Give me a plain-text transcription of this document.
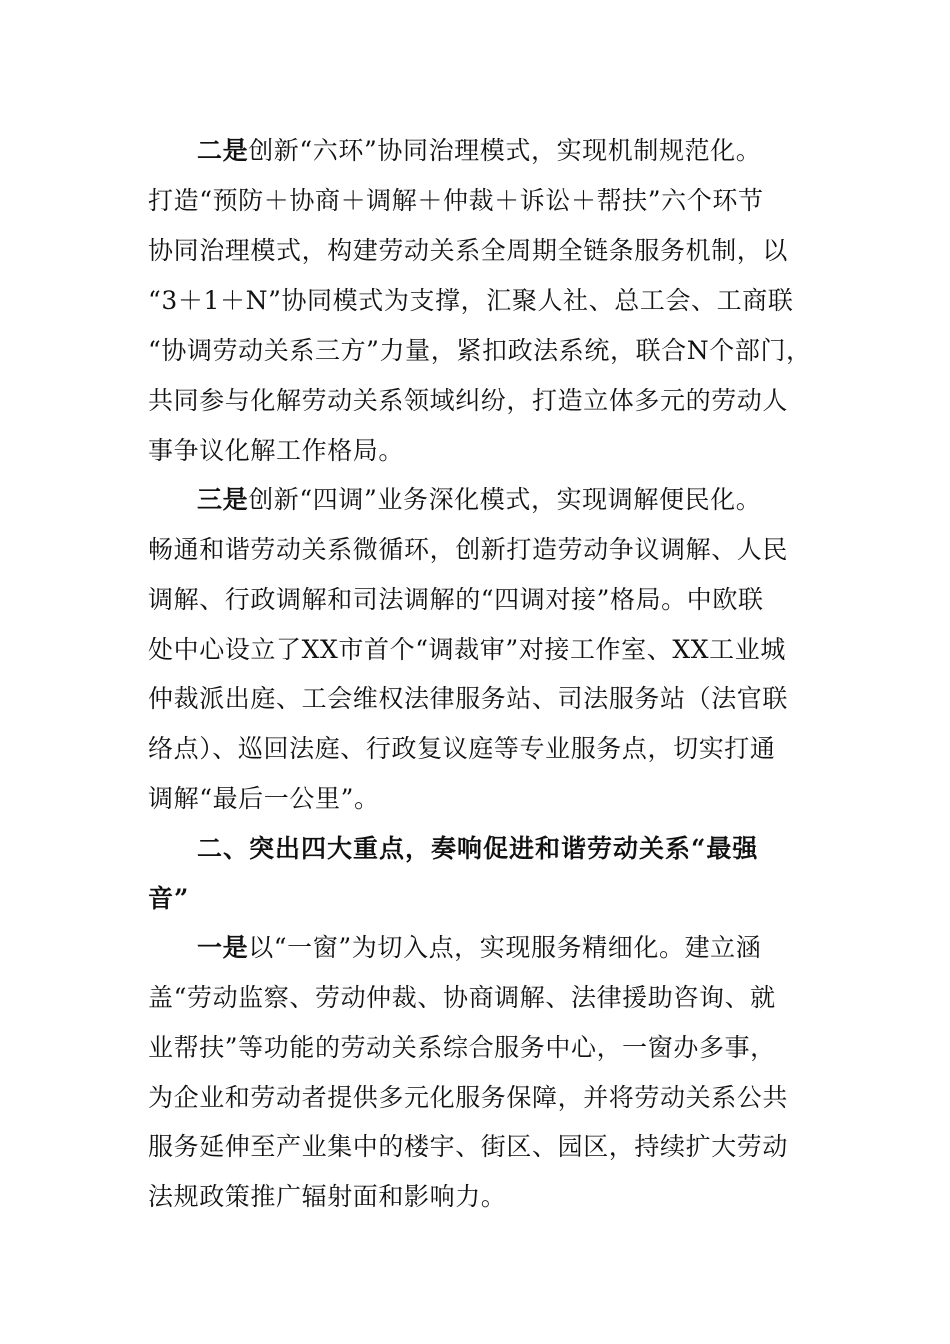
二是创新“六环”协同治理模式，实现机制规范化。
打造“预防＋协商＋调解＋仲裁＋诉讼＋帮扶”六个环节
协同治理模式，构建劳动关系全周期全链条服务机制，以
“3＋1＋N”协同模式为支撑，汇聚人社、总工会、工商联
“协调劳动关系三方”力量，紧扣政法系统，联合N个部门，
共同参与化解劳动关系领域纠纷，打造立体多元的劳动人
事争议化解工作格局。
三是创新“四调”业务深化模式，实现调解便民化。
畅通和谐劳动关系微循环，创新打造劳动争议调解、人民
调解、行政调解和司法调解的“四调对接”格局。中欧联
处中心设立了XX市首个“调裁审”对接工作室、XX工业城
仲裁派出庭、工会维权法律服务站、司法服务站（法官联
络点）、巡回法庭、行政复议庭等专业服务点，切实打通
调解“最后一公里”。
二、突出四大重点，奏响促进和谐劳动关系“最强
音”
一是以“一窗”为切入点，实现服务精细化。建立涵
盖“劳动监察、劳动仲裁、协商调解、法律援助咨询、就
业帮扶”等功能的劳动关系综合服务中心，一窗办多事，
为企业和劳动者提供多元化服务保障，并将劳动关系公共
服务延伸至产业集中的楼宇、街区、园区，持续扩大劳动
法规政策推广辐射面和影响力。
